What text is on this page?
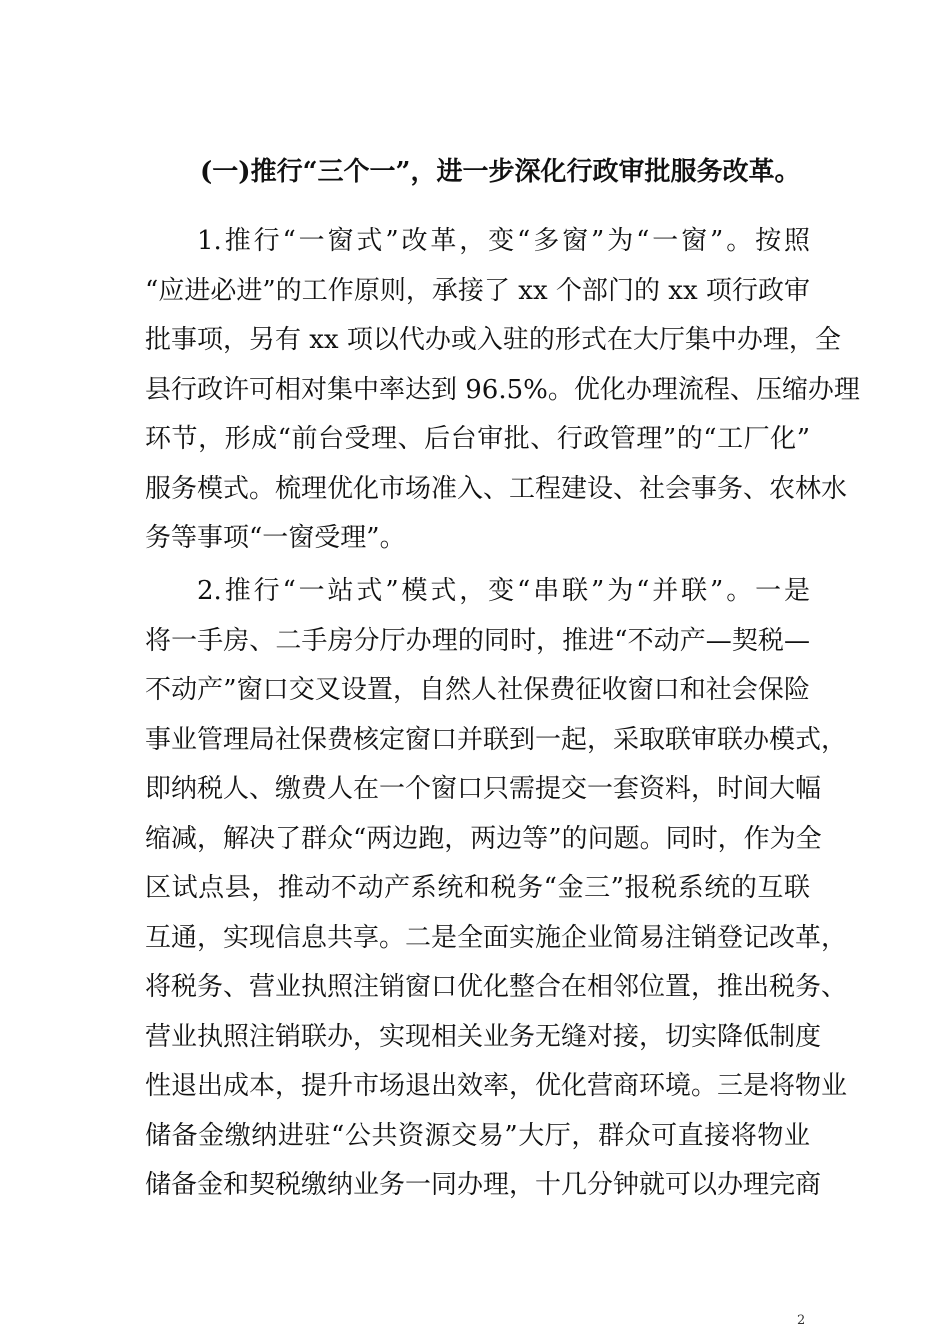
(一)推行“三个一”，进一步深化行政审批服务改革。
1.推行“一窗式”改革，变“多窗”为“一窗”。按照
“应进必进”的工作原则，承接了 xx 个部门的 xx 项行政审
批事项，另有 xx 项以代办或入驻的形式在大厅集中办理，全
县行政许可相对集中率达到 96.5%。优化办理流程、压缩办理
环节，形成“前台受理、后台审批、行政管理”的“工厂化”
服务模式。梳理优化市场准入、工程建设、社会事务、农林水
务等事项“一窗受理”。
2.推行“一站式”模式，变“串联”为“并联”。一是
将一手房、二手房分厅办理的同时，推进“不动产—契税—
不动产”窗口交叉设置，自然人社保费征收窗口和社会保险
事业管理局社保费核定窗口并联到一起，采取联审联办模式，
即纳税人、缴费人在一个窗口只需提交一套资料，时间大幅
缩减，解决了群众“两边跑，两边等”的问题。同时，作为全
区试点县，推动不动产系统和税务“金三”报税系统的互联
互通，实现信息共享。二是全面实施企业简易注销登记改革，
将税务、营业执照注销窗口优化整合在相邻位置，推出税务、
营业执照注销联办，实现相关业务无缝对接，切实降低制度
性退出成本，提升市场退出效率，优化营商环境。三是将物业
储备金缴纳进驻“公共资源交易”大厅，群众可直接将物业
储备金和契税缴纳业务一同办理，十几分钟就可以办理完商

2
